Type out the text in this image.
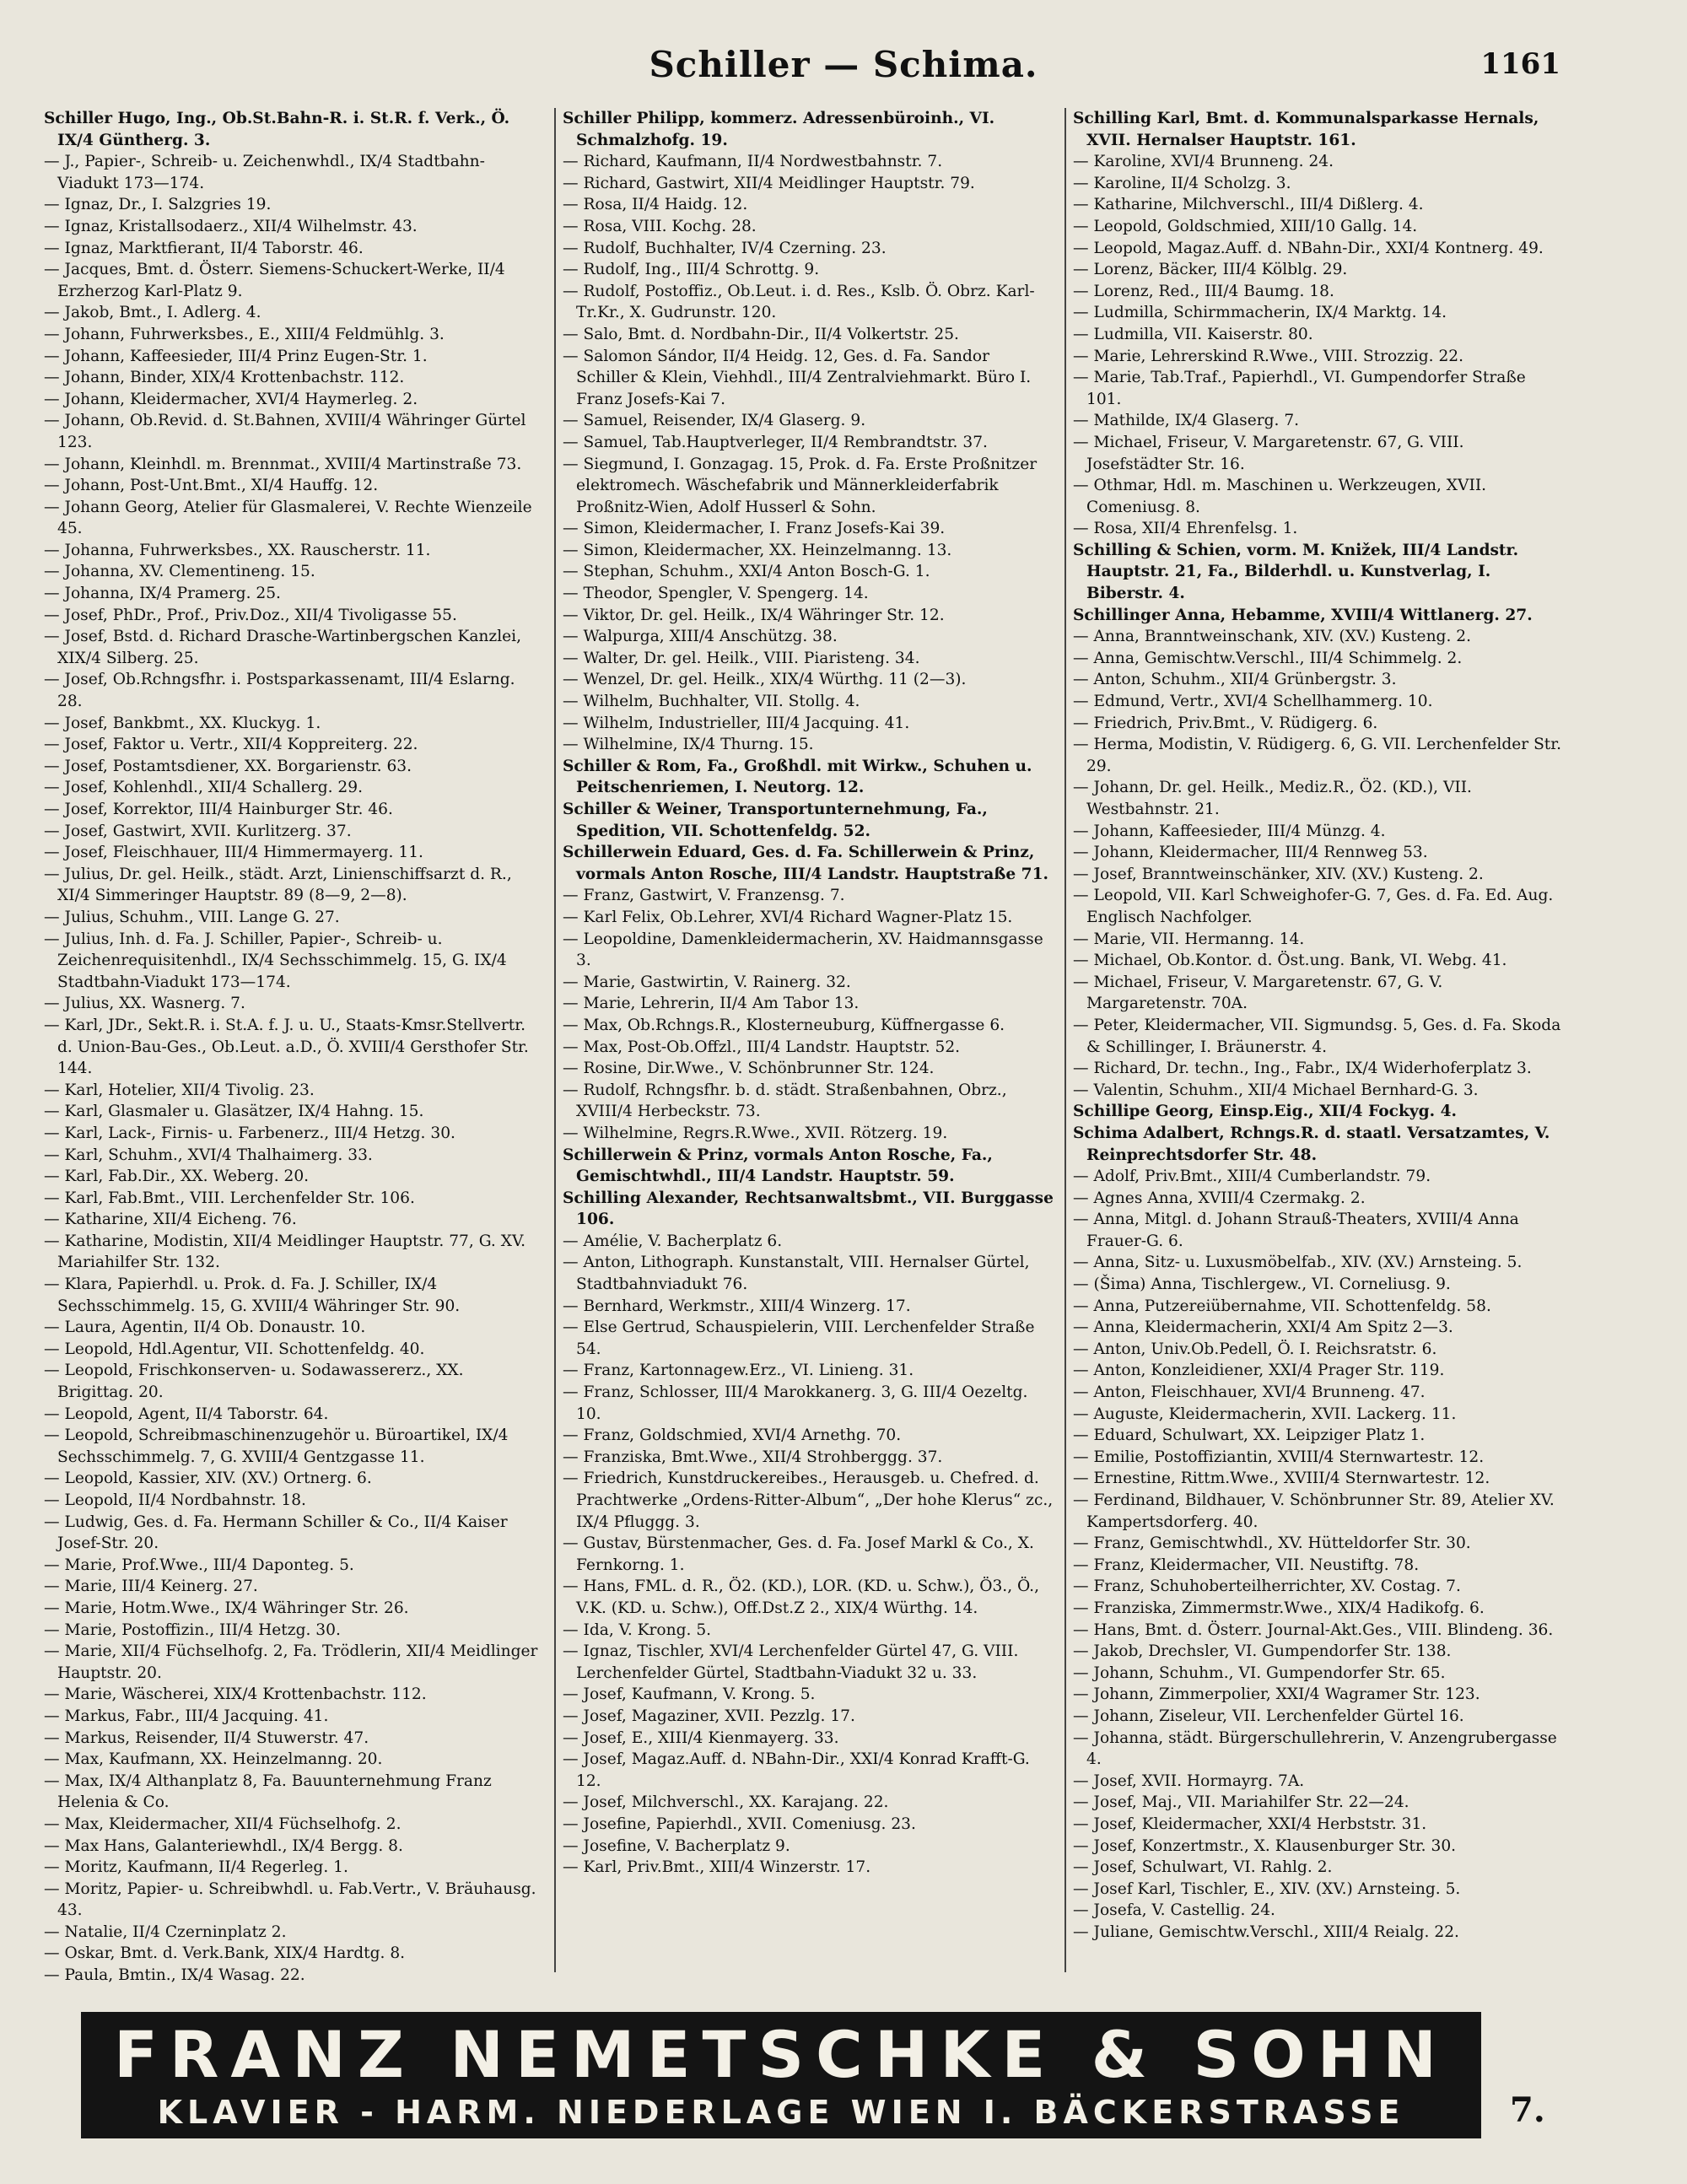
Schiller — Schima.	1161

Schiller Hugo, Ing., Ob.St.Bahn-R. i. St.R. f. Verk., Ö. IX/4 Güntherg. 3.

— J., Papier-, Schreib- u. Zeichenwhdl., IX/4 Stadtbahn-Viadukt 173—174.

— Ignaz, Dr., I. Salzgries 19.

— Ignaz, Kristallsodaerz., XII/4 Wilhelmstr. 43.

— Ignaz, Marktfierant, II/4 Taborstr. 46.

— Jacques, Bmt. d. Österr. Siemens-Schuckert-Werke, II/4 Erzherzog Karl-Platz 9.

— Jakob, Bmt., I. Adlerg. 4.

— Johann, Fuhrwerksbes., E., XIII/4 Feldmühlg. 3.

— Johann, Kaffeesieder, III/4 Prinz Eugen-Str. 1.

— Johann, Binder, XIX/4 Krottenbachstr. 112.

— Johann, Kleidermacher, XVI/4 Haymerleg. 2.

— Johann, Ob.Revid. d. St.Bahnen, XVIII/4 Währinger Gürtel 123.

— Johann, Kleinhdl. m. Brennmat., XVIII/4 Martinstraße 73.

— Johann, Post-Unt.Bmt., XI/4 Hauffg. 12.

— Johann Georg, Atelier für Glasmalerei, V. Rechte Wienzeile 45.

— Johanna, Fuhrwerksbes., XX. Rauscherstr. 11.

— Johanna, XV. Clementineng. 15.

— Johanna, IX/4 Pramerg. 25.

— Josef, PhDr., Prof., Priv.Doz., XII/4 Tivoligasse 55.

— Josef, Bstd. d. Richard Drasche-Wartinbergschen Kanzlei, XIX/4 Silberg. 25.

— Josef, Ob.Rchngsfhr. i. Postsparkassenamt, III/4 Eslarng. 28.

— Josef, Bankbmt., XX. Kluckyg. 1.

— Josef, Faktor u. Vertr., XII/4 Koppreiterg. 22.

— Josef, Postamtsdiener, XX. Borgarienstr. 63.

— Josef, Kohlenhdl., XII/4 Schallerg. 29.

— Josef, Korrektor, III/4 Hainburger Str. 46.

— Josef, Gastwirt, XVII. Kurlitzerg. 37.

— Josef, Fleischhauer, III/4 Himmermayerg. 11.

— Julius, Dr. gel. Heilk., städt. Arzt, Linienschiffsarzt d. R., XI/4 Simmeringer Hauptstr. 89 (8—9, 2—8).

— Julius, Schuhm., VIII. Lange G. 27.

— Julius, Inh. d. Fa. J. Schiller, Papier-, Schreib- u. Zeichenrequisitenhdl., IX/4 Sechsschimmelg. 15, G. IX/4 Stadtbahn-Viadukt 173—174.

— Julius, XX. Wasnerg. 7.

— Karl, JDr., Sekt.R. i. St.A. f. J. u. U., Staats-Kmsr.Stellvertr. d. Union-Bau-Ges., Ob.Leut. a.D., Ö. XVIII/4 Gersthofer Str. 144.

— Karl, Hotelier, XII/4 Tivolig. 23.

— Karl, Glasmaler u. Glasätzer, IX/4 Hahng. 15.

— Karl, Lack-, Firnis- u. Farbenerz., III/4 Hetzg. 30.

— Karl, Schuhm., XVI/4 Thalhaimerg. 33.

— Karl, Fab.Dir., XX. Weberg. 20.

— Karl, Fab.Bmt., VIII. Lerchenfelder Str. 106.

— Katharine, XII/4 Eicheng. 76.

— Katharine, Modistin, XII/4 Meidlinger Hauptstr. 77, G. XV. Mariahilfer Str. 132.

— Klara, Papierhdl. u. Prok. d. Fa. J. Schiller, IX/4 Sechsschimmelg. 15, G. XVIII/4 Währinger Str. 90.

— Laura, Agentin, II/4 Ob. Donaustr. 10.

— Leopold, Hdl.Agentur, VII. Schottenfeldg. 40.

— Leopold, Frischkonserven- u. Sodawassererz., XX. Brigittag. 20.

— Leopold, Agent, II/4 Taborstr. 64.

— Leopold, Schreibmaschinenzugehör u. Büroartikel, IX/4 Sechsschimmelg. 7, G. XVIII/4 Gentzgasse 11.

— Leopold, Kassier, XIV. (XV.) Ortnerg. 6.

— Leopold, II/4 Nordbahnstr. 18.

— Ludwig, Ges. d. Fa. Hermann Schiller & Co., II/4 Kaiser Josef-Str. 20.

— Marie, Prof.Wwe., III/4 Daponteg. 5.

— Marie, III/4 Keinerg. 27.

— Marie, Hotm.Wwe., IX/4 Währinger Str. 26.

— Marie, Postoffizin., III/4 Hetzg. 30.

— Marie, XII/4 Füchselhofg. 2, Fa. Trödlerin, XII/4 Meidlinger Hauptstr. 20.

— Marie, Wäscherei, XIX/4 Krottenbachstr. 112.

— Markus, Fabr., III/4 Jacquing. 41.

— Markus, Reisender, II/4 Stuwerstr. 47.

— Max, Kaufmann, XX. Heinzelmanng. 20.

— Max, IX/4 Althanplatz 8, Fa. Bauunternehmung Franz Helenia & Co.

— Max, Kleidermacher, XII/4 Füchselhofg. 2.

— Max Hans, Galanteriewhdl., IX/4 Bergg. 8.

— Moritz, Kaufmann, II/4 Regerleg. 1.

— Moritz, Papier- u. Schreibwhdl. u. Fab.Vertr., V. Bräuhausg. 43.

— Natalie, II/4 Czerninplatz 2.

— Oskar, Bmt. d. Verk.Bank, XIX/4 Hardtg. 8.

— Paula, Bmtin., IX/4 Wasag. 22.

Schiller Philipp, kommerz. Adressenbüroinh., VI. Schmalzhofg. 19.

— Richard, Kaufmann, II/4 Nordwestbahnstr. 7.

— Richard, Gastwirt, XII/4 Meidlinger Hauptstr. 79.

— Rosa, II/4 Haidg. 12.

— Rosa, VIII. Kochg. 28.

— Rudolf, Buchhalter, IV/4 Czerning. 23.

— Rudolf, Ing., III/4 Schrottg. 9.

— Rudolf, Postoffiz., Ob.Leut. i. d. Res., Kslb. Ö. Obrz. Karl-Tr.Kr., X. Gudrunstr. 120.

— Salo, Bmt. d. Nordbahn-Dir., II/4 Volkertstr. 25.

— Salomon Sándor, II/4 Heidg. 12, Ges. d. Fa. Sandor Schiller & Klein, Viehhdl., III/4 Zentralviehmarkt. Büro I. Franz Josefs-Kai 7.

— Samuel, Reisender, IX/4 Glaserg. 9.

— Samuel, Tab.Hauptverleger, II/4 Rembrandtstr. 37.

— Siegmund, I. Gonzagag. 15, Prok. d. Fa. Erste Proßnitzer elektromech. Wäschefabrik und Männerkleiderfabrik Proßnitz-Wien, Adolf Husserl & Sohn.

— Simon, Kleidermacher, I. Franz Josefs-Kai 39.

— Simon, Kleidermacher, XX. Heinzelmanng. 13.

— Stephan, Schuhm., XXI/4 Anton Bosch-G. 1.

— Theodor, Spengler, V. Spengerg. 14.

— Viktor, Dr. gel. Heilk., IX/4 Währinger Str. 12.

— Walpurga, XIII/4 Anschützg. 38.

— Walter, Dr. gel. Heilk., VIII. Piaristeng. 34.

— Wenzel, Dr. gel. Heilk., XIX/4 Würthg. 11 (2—3).

— Wilhelm, Buchhalter, VII. Stollg. 4.

— Wilhelm, Industrieller, III/4 Jacquing. 41.

— Wilhelmine, IX/4 Thurng. 15.

Schiller & Rom, Fa., Großhdl. mit Wirkw., Schuhen u. Peitschenriemen, I. Neutorg. 12.

Schiller & Weiner, Transportunternehmung, Fa., Spedition, VII. Schottenfeldg. 52.

Schillerwein Eduard, Ges. d. Fa. Schillerwein & Prinz, vormals Anton Rosche, III/4 Landstr. Hauptstraße 71.

— Franz, Gastwirt, V. Franzensg. 7.

— Karl Felix, Ob.Lehrer, XVI/4 Richard Wagner-Platz 15.

— Leopoldine, Damenkleidermacherin, XV. Haidmannsgasse 3.

— Marie, Gastwirtin, V. Rainerg. 32.

— Marie, Lehrerin, II/4 Am Tabor 13.

— Max, Ob.Rchngs.R., Klosterneuburg, Küffnergasse 6.

— Max, Post-Ob.Offzl., III/4 Landstr. Hauptstr. 52.

— Rosine, Dir.Wwe., V. Schönbrunner Str. 124.

— Rudolf, Rchngsfhr. b. d. städt. Straßenbahnen, Obrz., XVIII/4 Herbeckstr. 73.

— Wilhelmine, Regrs.R.Wwe., XVII. Rötzerg. 19.

Schillerwein & Prinz, vormals Anton Rosche, Fa., Gemischtwhdl., III/4 Landstr. Hauptstr. 59.

Schilling Alexander, Rechtsanwaltsbmt., VII. Burggasse 106.

— Amélie, V. Bacherplatz 6.

— Anton, Lithograph. Kunstanstalt, VIII. Hernalser Gürtel, Stadtbahnviadukt 76.

— Bernhard, Werkmstr., XIII/4 Winzerg. 17.

— Else Gertrud, Schauspielerin, VIII. Lerchenfelder Straße 54.

— Franz, Kartonnagew.Erz., VI. Linieng. 31.

— Franz, Schlosser, III/4 Marokkanerg. 3, G. III/4 Oezeltg. 10.

— Franz, Goldschmied, XVI/4 Arnethg. 70.

— Franziska, Bmt.Wwe., XII/4 Strohberggg. 37.

— Friedrich, Kunstdruckereibes., Herausgeb. u. Chefred. d. Prachtwerke „Ordens-Ritter-Album“, „Der hohe Klerus“ zc., IX/4 Pfluggg. 3.

— Gustav, Bürstenmacher, Ges. d. Fa. Josef Markl & Co., X. Fernkorng. 1.

— Hans, FML. d. R., Ö2. (KD.), LOR. (KD. u. Schw.), Ö3., Ö., V.K. (KD. u. Schw.), Off.Dst.Z 2., XIX/4 Würthg. 14.

— Ida, V. Krong. 5.

— Ignaz, Tischler, XVI/4 Lerchenfelder Gürtel 47, G. VIII. Lerchenfelder Gürtel, Stadtbahn-Viadukt 32 u. 33.

— Josef, Kaufmann, V. Krong. 5.

— Josef, Magaziner, XVII. Pezzlg. 17.

— Josef, E., XIII/4 Kienmayerg. 33.

— Josef, Magaz.Auff. d. NBahn-Dir., XXI/4 Konrad Krafft-G. 12.

— Josef, Milchverschl., XX. Karajang. 22.

— Josefine, Papierhdl., XVII. Comeniusg. 23.

— Josefine, V. Bacherplatz 9.

— Karl, Priv.Bmt., XIII/4 Winzerstr. 17.

Schilling Karl, Bmt. d. Kommunalsparkasse Hernals, XVII. Hernalser Hauptstr. 161.

— Karoline, XVI/4 Brunneng. 24.

— Karoline, II/4 Scholzg. 3.

— Katharine, Milchverschl., III/4 Dißlerg. 4.

— Leopold, Goldschmied, XIII/10 Gallg. 14.

— Leopold, Magaz.Auff. d. NBahn-Dir., XXI/4 Kontnerg. 49.

— Lorenz, Bäcker, III/4 Kölblg. 29.

— Lorenz, Red., III/4 Baumg. 18.

— Ludmilla, Schirmmacherin, IX/4 Marktg. 14.

— Ludmilla, VII. Kaiserstr. 80.

— Marie, Lehrerskind R.Wwe., VIII. Strozzig. 22.

— Marie, Tab.Traf., Papierhdl., VI. Gumpendorfer Straße 101.

— Mathilde, IX/4 Glaserg. 7.

— Michael, Friseur, V. Margaretenstr. 67, G. VIII. Josefstädter Str. 16.

— Othmar, Hdl. m. Maschinen u. Werkzeugen, XVII. Comeniusg. 8.

— Rosa, XII/4 Ehrenfelsg. 1.

Schilling & Schien, vorm. M. Knižek, III/4 Landstr. Hauptstr. 21, Fa., Bilderhdl. u. Kunstverlag, I. Biberstr. 4.

Schillinger Anna, Hebamme, XVIII/4 Wittlanerg. 27.

— Anna, Branntweinschank, XIV. (XV.) Kusteng. 2.

— Anna, Gemischtw.Verschl., III/4 Schimmelg. 2.

— Anton, Schuhm., XII/4 Grünbergstr. 3.

— Edmund, Vertr., XVI/4 Schellhammerg. 10.

— Friedrich, Priv.Bmt., V. Rüdigerg. 6.

— Herma, Modistin, V. Rüdigerg. 6, G. VII. Lerchenfelder Str. 29.

— Johann, Dr. gel. Heilk., Mediz.R., Ö2. (KD.), VII. Westbahnstr. 21.

— Johann, Kaffeesieder, III/4 Münzg. 4.

— Johann, Kleidermacher, III/4 Rennweg 53.

— Josef, Branntweinschänker, XIV. (XV.) Kusteng. 2.

— Leopold, VII. Karl Schweighofer-G. 7, Ges. d. Fa. Ed. Aug. Englisch Nachfolger.

— Marie, VII. Hermanng. 14.

— Michael, Ob.Kontor. d. Öst.ung. Bank, VI. Webg. 41.

— Michael, Friseur, V. Margaretenstr. 67, G. V. Margaretenstr. 70A.

— Peter, Kleidermacher, VII. Sigmundsg. 5, Ges. d. Fa. Skoda & Schillinger, I. Bräunerstr. 4.

— Richard, Dr. techn., Ing., Fabr., IX/4 Widerhoferplatz 3.

— Valentin, Schuhm., XII/4 Michael Bernhard-G. 3.

Schillipe Georg, Einsp.Eig., XII/4 Fockyg. 4.

Schima Adalbert, Rchngs.R. d. staatl. Versatzamtes, V. Reinprechtsdorfer Str. 48.

— Adolf, Priv.Bmt., XIII/4 Cumberlandstr. 79.

— Agnes Anna, XVIII/4 Czermakg. 2.

— Anna, Mitgl. d. Johann Strauß-Theaters, XVIII/4 Anna Frauer-G. 6.

— Anna, Sitz- u. Luxusmöbelfab., XIV. (XV.) Arnsteing. 5.

— (Šima) Anna, Tischlergew., VI. Corneliusg. 9.

— Anna, Putzereiübernahme, VII. Schottenfeldg. 58.

— Anna, Kleidermacherin, XXI/4 Am Spitz 2—3.

— Anton, Univ.Ob.Pedell, Ö. I. Reichsratstr. 6.

— Anton, Konzleidiener, XXI/4 Prager Str. 119.

— Anton, Fleischhauer, XVI/4 Brunneng. 47.

— Auguste, Kleidermacherin, XVII. Lackerg. 11.

— Eduard, Schulwart, XX. Leipziger Platz 1.

— Emilie, Postoffiziantin, XVIII/4 Sternwartestr. 12.

— Ernestine, Rittm.Wwe., XVIII/4 Sternwartestr. 12.

— Ferdinand, Bildhauer, V. Schönbrunner Str. 89, Atelier XV. Kampertsdorferg. 40.

— Franz, Gemischtwhdl., XV. Hütteldorfer Str. 30.

— Franz, Kleidermacher, VII. Neustiftg. 78.

— Franz, Schuhoberteilherrichter, XV. Costag. 7.

— Franziska, Zimmermstr.Wwe., XIX/4 Hadikofg. 6.

— Hans, Bmt. d. Österr. Journal-Akt.Ges., VIII. Blindeng. 36.

— Jakob, Drechsler, VI. Gumpendorfer Str. 138.

— Johann, Schuhm., VI. Gumpendorfer Str. 65.

— Johann, Zimmerpolier, XXI/4 Wagramer Str. 123.

— Johann, Ziseleur, VII. Lerchenfelder Gürtel 16.

— Johanna, städt. Bürgerschullehrerin, V. Anzengrubergasse 4.

— Josef, XVII. Hormayrg. 7A.

— Josef, Maj., VII. Mariahilfer Str. 22—24.

— Josef, Kleidermacher, XXI/4 Herbststr. 31.

— Josef, Konzertmstr., X. Klausenburger Str. 30.

— Josef, Schulwart, VI. Rahlg. 2.

— Josef Karl, Tischler, E., XIV. (XV.) Arnsteing. 5.

— Josefa, V. Castellig. 24.

— Juliane, Gemischtw.Verschl., XIII/4 Reialg. 22.

FRANZ NEMETSCHKE & SOHN
KLAVIER - HARM. NIEDERLAGE WIEN I. BÄCKERSTRASSE	7.
